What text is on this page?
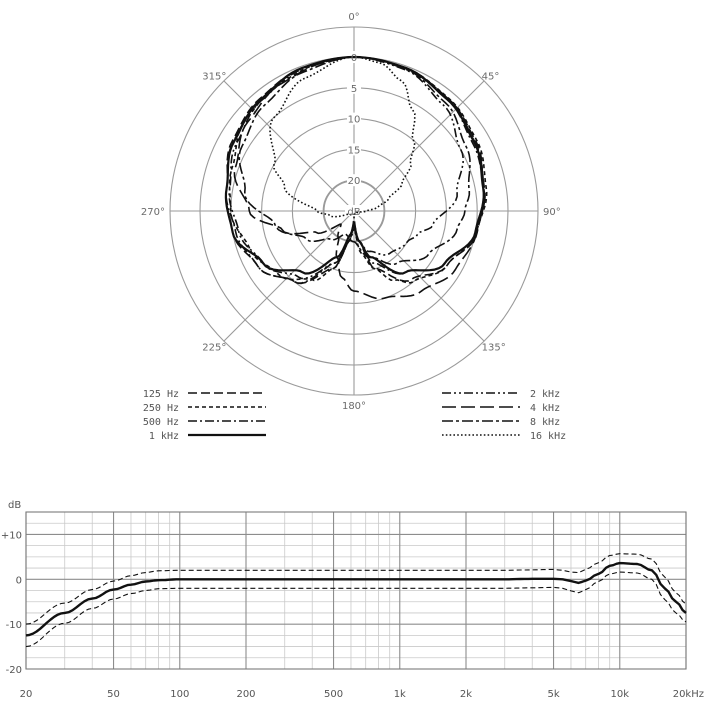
0
5
10
15
20
dB
0°
45°
90°
135°
180°
225°
270°
315°
125 Hz
250 Hz
500 Hz
1 kHz
2 kHz
4 kHz
8 kHz
16 kHz
dB
+10
0
-10
-20
20	50	100	200	500	1k	2k	5k	10k	20kHz
